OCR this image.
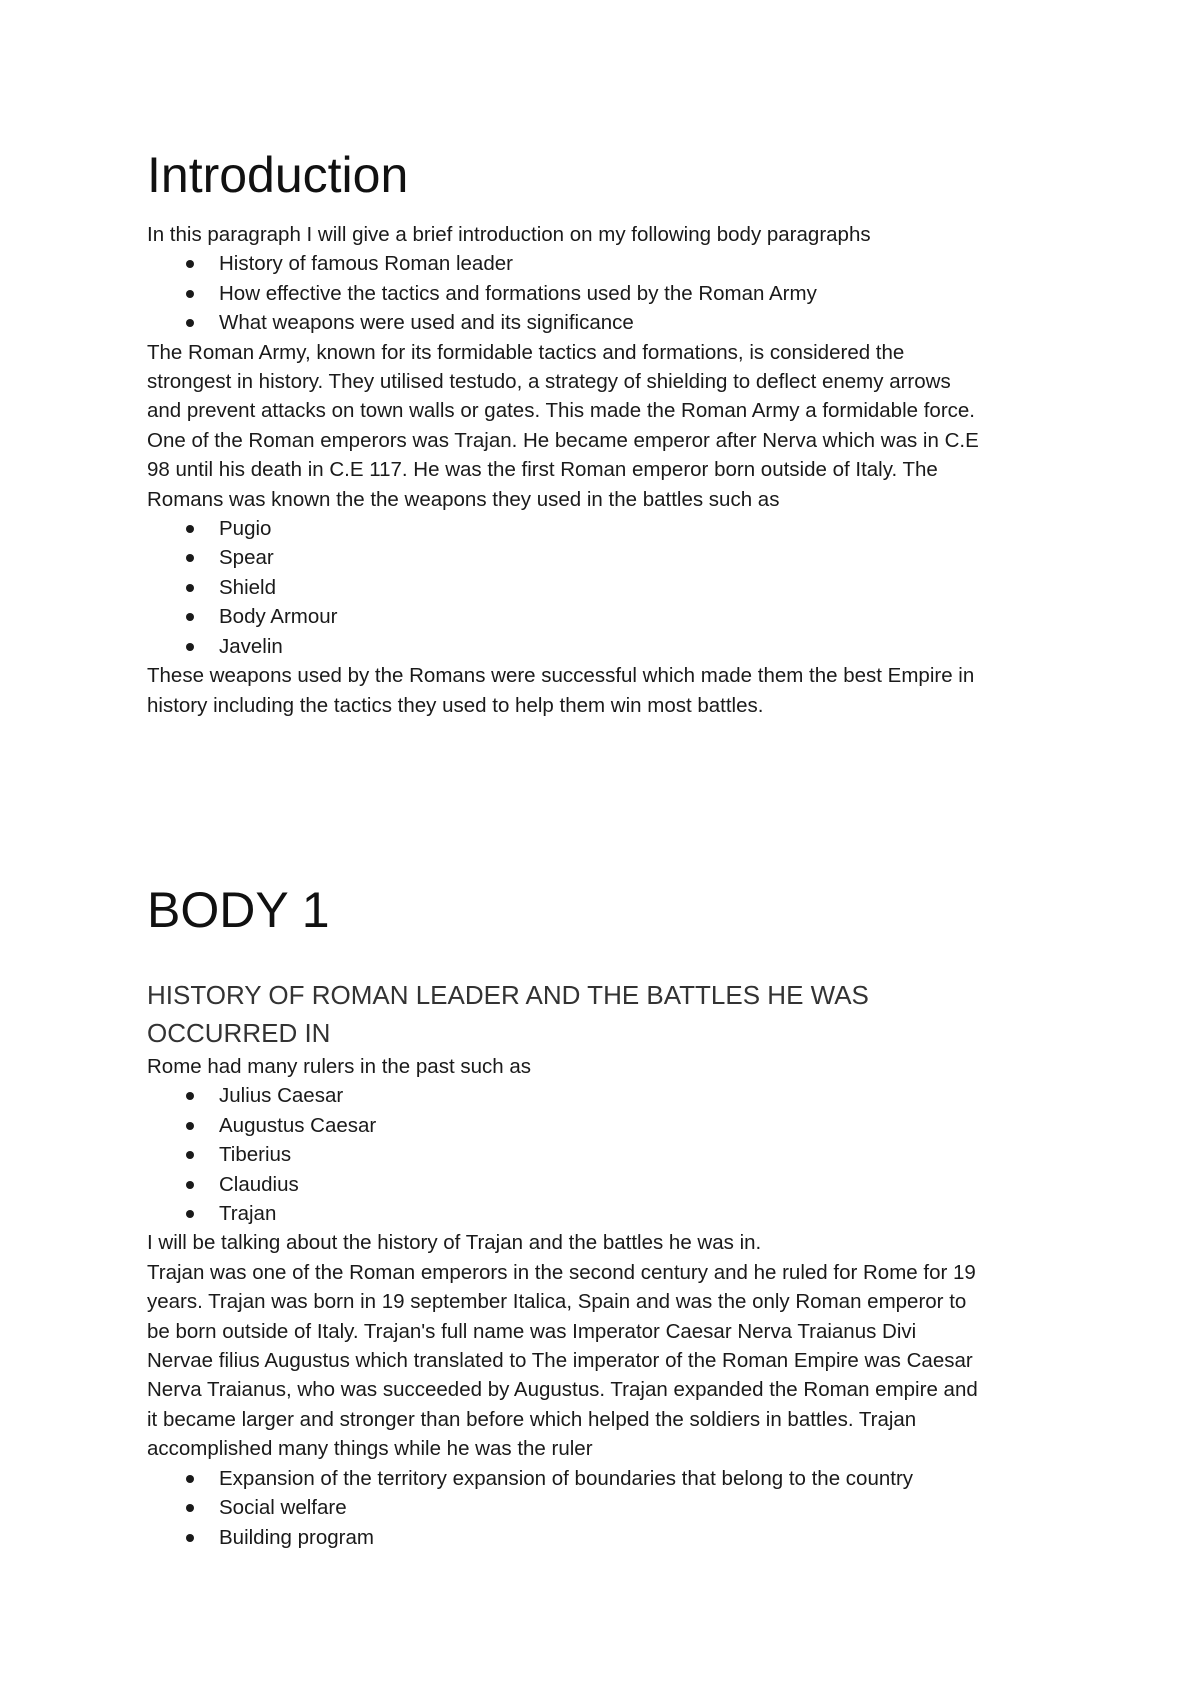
Introduction

In this paragraph I will give a brief introduction on my following body paragraphs

History of famous Roman leader
How effective the tactics and formations used by the Roman Army
What weapons were used and its significance

The Roman Army, known for its formidable tactics and formations, is considered the

strongest in history. They utilised testudo, a strategy of shielding to deflect enemy arrows

and prevent attacks on town walls or gates. This made the Roman Army a formidable force.

One of the Roman emperors was Trajan. He became emperor after Nerva which was in C.E

98 until his death in C.E 117. He was the first Roman emperor born outside of Italy. The

Romans was known the the weapons they used in the battles such as

Pugio
Spear
Shield
Body Armour
Javelin

These weapons used by the Romans were successful which made them the best Empire in

history including the tactics they used to help them win most battles.

BODY 1
HISTORY OF ROMAN LEADER AND THE BATTLES HE WAS
OCCURRED IN

Rome had many rulers in the past such as

Julius Caesar
Augustus Caesar
Tiberius
Claudius
Trajan

I will be talking about the history of Trajan and the battles he was in.

Trajan was one of the Roman emperors in the second century and he ruled for Rome for 19

years. Trajan was born in 19 september Italica, Spain and was the only Roman emperor to

be born outside of Italy. Trajan's full name was Imperator Caesar Nerva Traianus Divi

Nervae filius Augustus which translated to The imperator of the Roman Empire was Caesar

Nerva Traianus, who was succeeded by Augustus. Trajan expanded the Roman empire and

it became larger and stronger than before which helped the soldiers in battles. Trajan

accomplished many things while he was the ruler

Expansion of the territory expansion of boundaries that belong to the country
Social welfare
Building program
